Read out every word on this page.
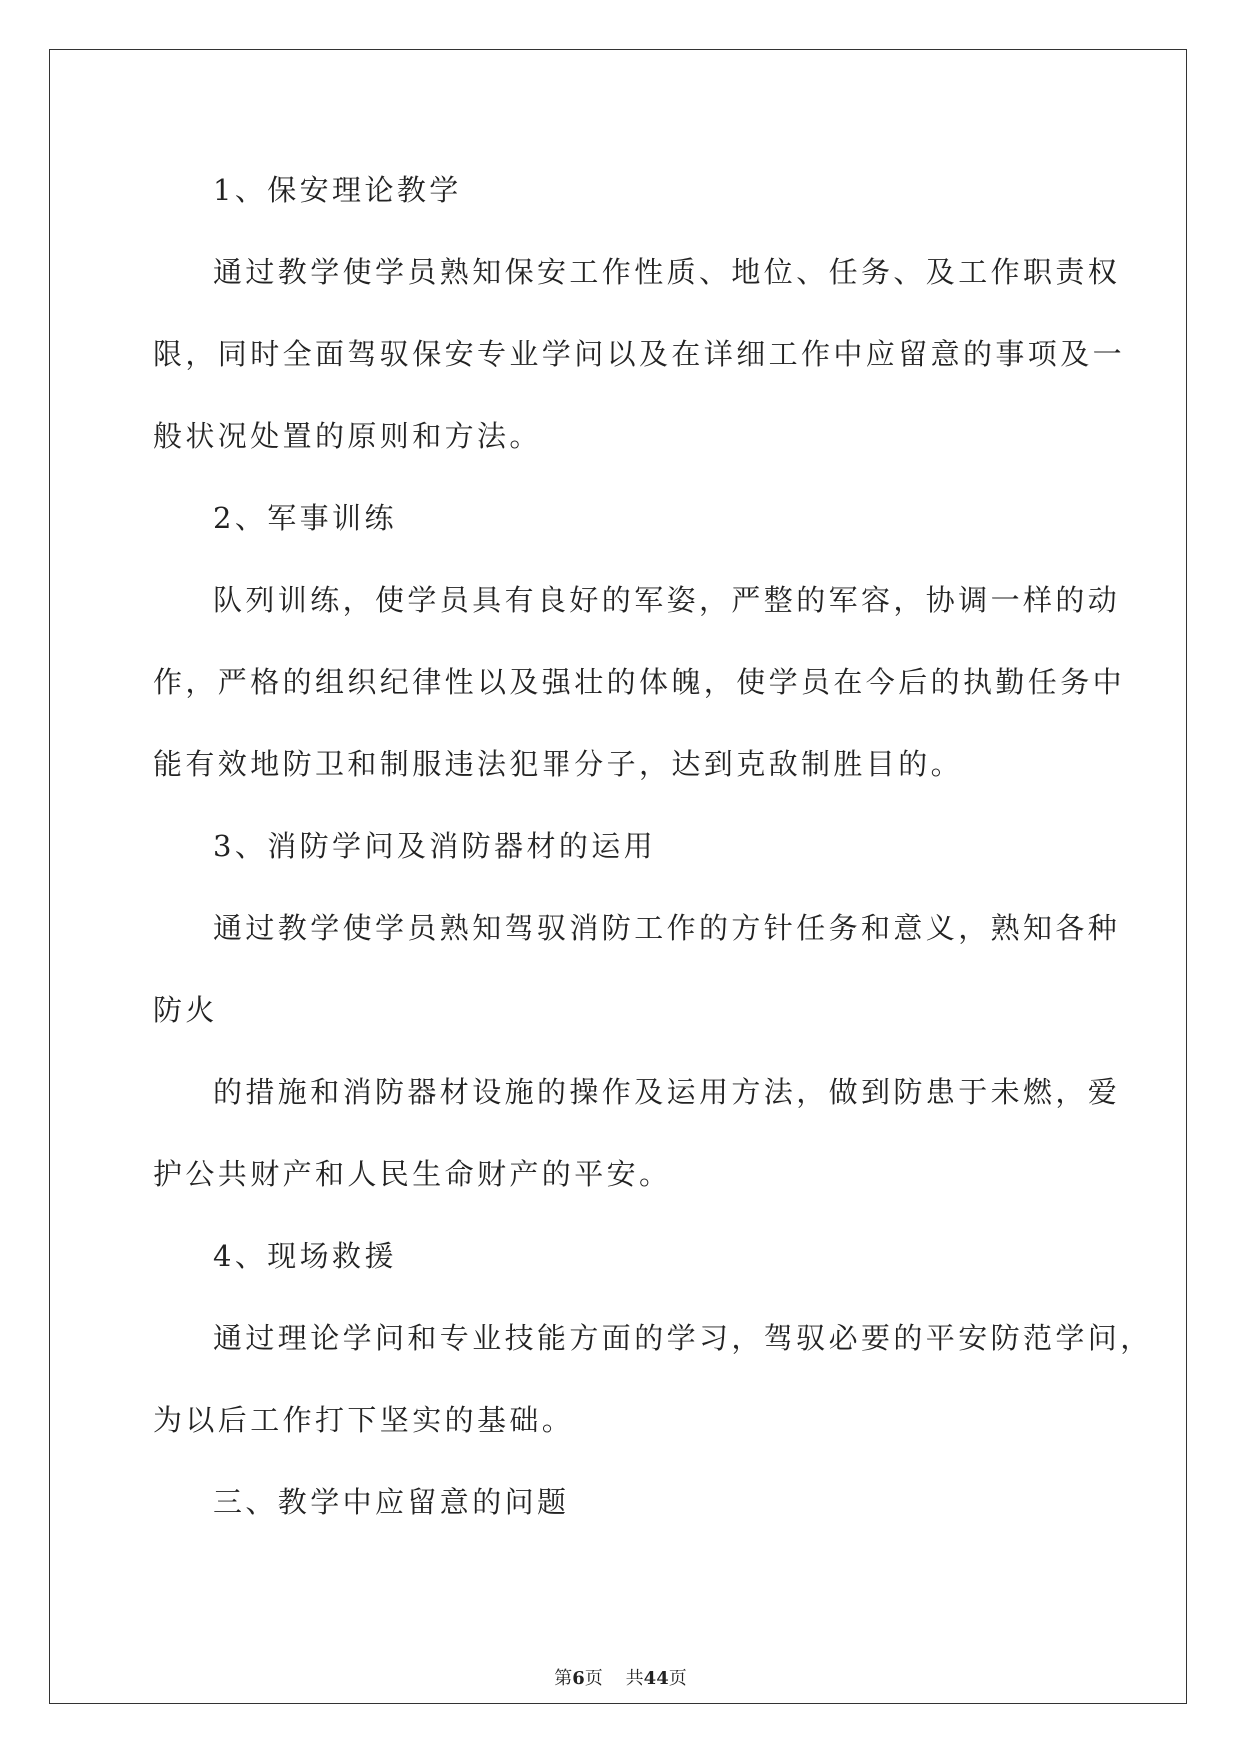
1、保安理论教学
通过教学使学员熟知保安工作性质、地位、任务、及工作职责权
限，同时全面驾驭保安专业学问以及在详细工作中应留意的事项及一
般状况处置的原则和方法。
2、军事训练
队列训练，使学员具有良好的军姿，严整的军容，协调一样的动
作，严格的组织纪律性以及强壮的体魄，使学员在今后的执勤任务中
能有效地防卫和制服违法犯罪分子，达到克敌制胜目的。
3、消防学问及消防器材的运用
通过教学使学员熟知驾驭消防工作的方针任务和意义，熟知各种
防火
的措施和消防器材设施的操作及运用方法，做到防患于未燃，爱
护公共财产和人民生命财产的平安。
4、现场救援
通过理论学问和专业技能方面的学习，驾驭必要的平安防范学问，
为以后工作打下坚实的基础。
三、教学中应留意的问题
第6页 共44页
